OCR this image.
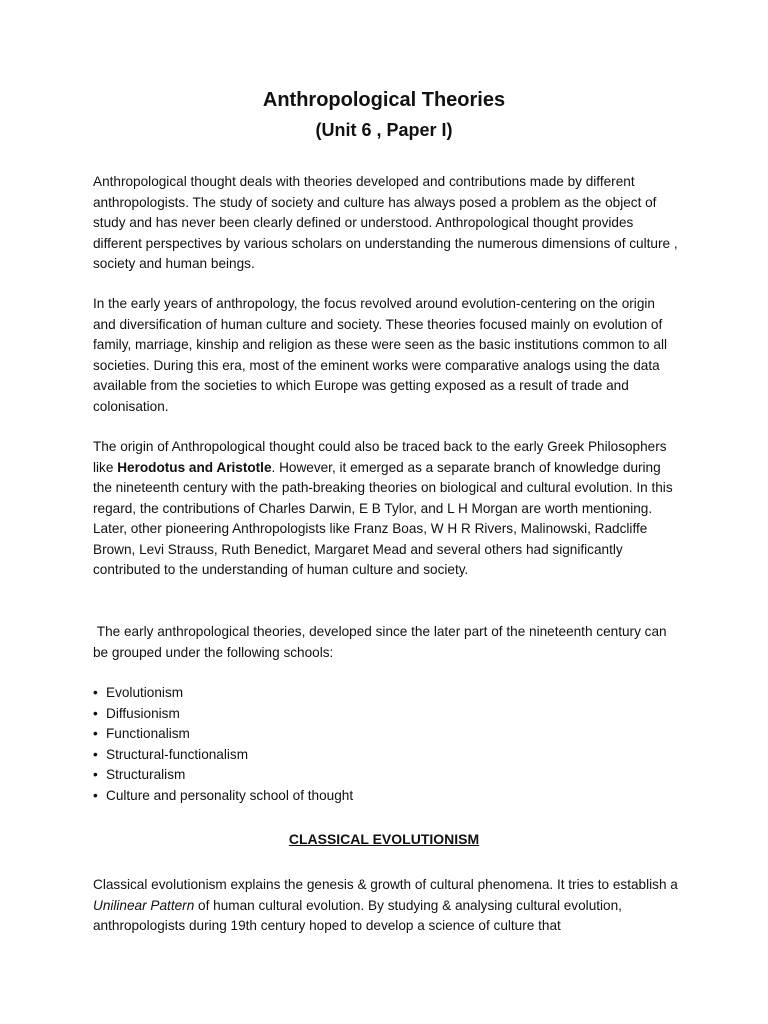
Anthropological Theories
(Unit 6 , Paper I)

Anthropological thought deals with theories developed and contributions made by different anthropologists. The study of society and culture has always posed a problem as the object of study and has never been clearly defined or understood. Anthropological thought provides different perspectives by various scholars on understanding the numerous dimensions of culture , society and human beings.

In the early years of anthropology, the focus revolved around evolution-centering on the origin and diversification of human culture and society. These theories focused mainly on evolution of family, marriage, kinship and religion as these were seen as the basic institutions common to all societies. During this era, most of the eminent works were comparative analogs using the data available from the societies to which Europe was getting exposed as a result of trade and colonisation.

The origin of Anthropological thought could also be traced back to the early Greek Philosophers like Herodotus and Aristotle. However, it emerged as a separate branch of knowledge during the nineteenth century with the path-breaking theories on biological and cultural evolution. In this regard, the contributions of Charles Darwin, E B Tylor, and L H Morgan are worth mentioning. Later, other pioneering Anthropologists like Franz Boas, W H R Rivers, Malinowski, Radcliffe Brown, Levi Strauss, Ruth Benedict, Margaret Mead and several others had significantly contributed to the understanding of human culture and society.

The early anthropological theories, developed since the later part of the nineteenth century can be grouped under the following schools:

• Evolutionism
• Diffusionism
• Functionalism
• Structural-functionalism
• Structuralism
• Culture and personality school of thought
CLASSICAL EVOLUTIONISM

Classical evolutionism explains the genesis & growth of cultural phenomena. It tries to establish a Unilinear Pattern of human cultural evolution. By studying & analysing cultural evolution, anthropologists during 19th century hoped to develop a science of culture that
